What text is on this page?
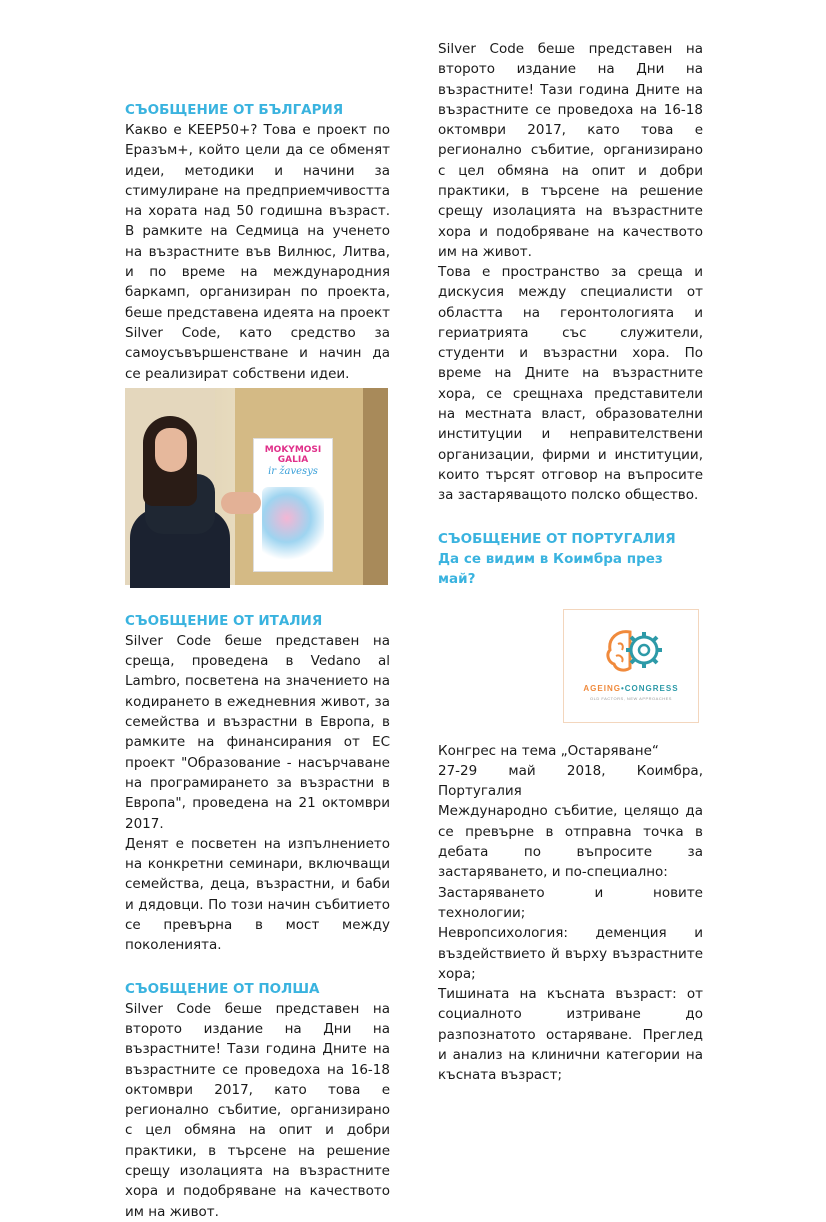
СЪОБЩЕНИЕ ОТ БЪЛГАРИЯ

Какво е KEEP50+? Това е проект по Еразъм+, който цели да се обменят идеи, методики и начини за стимулиране на предприемчивостта на хората над 50 годишна възраст. В рамките на Седмица на ученето на възрастните във Вилнюс, Литва, и по време на международния баркамп, организиран по проекта, беше представена идеята на проект Silver Code, като средство за самоусъвършенстване и начин да се реализират собствени идеи.

MOKYMOSI GALIA
ir žavesys
СЪОБЩЕНИЕ ОТ ИТАЛИЯ

Silver Code беше представен на среща, проведена в Vedano al Lambro, посветена на значението на кодирането в ежедневния живот, за семейства и възрастни в Европа, в рамките на финансирания от ЕС проект "Образование - насърчаване на програмирането за възрастни в Европа", проведена на 21 октомври 2017.

Денят е посветен на изпълнението на конкретни семинари, включващи семейства, деца, възрастни, и баби и дядовци. По този начин събитието се превърна в мост между поколенията.

СЪОБЩЕНИЕ ОТ ПОЛША

Silver Code беше представен на второто издание на Дни на възрастните! Тази година Дните на възрастните се проведоха на 16-18 октомври 2017, като това е регионално събитие, организирано с цел обмяна на опит и добри практики, в търсене на решение срещу изолацията на възрастните хора и подобряване на качеството им на живот.

Silver Code беше представен на второто издание на Дни на възрастните! Тази година Дните на възрастните се проведоха на 16-18 октомври 2017, като това е регионално събитие, организирано с цел обмяна на опит и добри практики, в търсене на решение срещу изолацията на възрастните хора и подобряване на качеството им на живот.

Това е пространство за среща и дискусия между специалисти от областта на геронтологията и гериатрията със служители, студенти и възрастни хора. По време на Дните на възрастните хора, се срещнаха представители на местната власт, образователни институции и неправителствени организации, фирми и институции, които търсят отговор на въпросите за застаряващото полско общество.

СЪОБЩЕНИЕ ОТ ПОРТУГАЛИЯ
Да се видим в Коимбра през май?
AGEING•CONGRESS
OLD FACTORS, NEW APPROACHES

Конгрес на тема „Остаряване“

27-29 май 2018, Коимбра, Португалия

Международно събитие, целящо да се превърне в отправна точка в дебата по въпросите за застаряването, и по-специално:

Застаряването и новите технологии;

Невропсихология: деменция и въздействието й върху възрастните хора;

Тишината на късната възраст: от социалното изтриване до разпознатото остаряване. Преглед и анализ на клинични категории на късната възраст;
